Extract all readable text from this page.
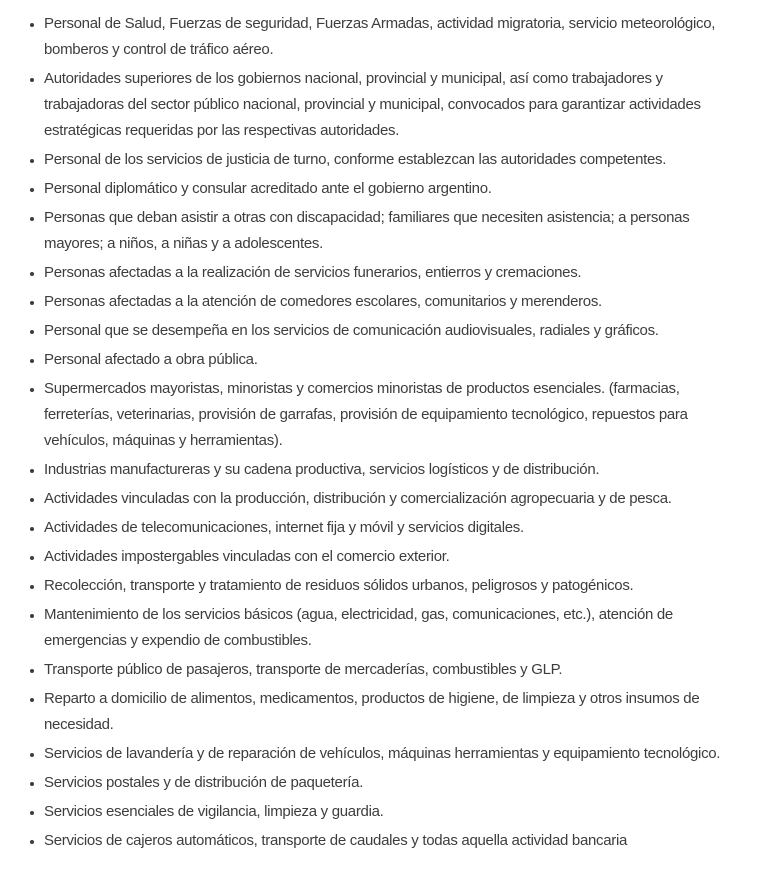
• Personal de Salud, Fuerzas de seguridad, Fuerzas Armadas, actividad migratoria, servicio meteorológico, bomberos y control de tráfico aéreo.
• Autoridades superiores de los gobiernos nacional, provincial y municipal, así como trabajadores y trabajadoras del sector público nacional, provincial y municipal, convocados para garantizar actividades estratégicas requeridas por las respectivas autoridades.
• Personal de los servicios de justicia de turno, conforme establezcan las autoridades competentes.
• Personal diplomático y consular acreditado ante el gobierno argentino.
• Personas que deban asistir a otras con discapacidad; familiares que necesiten asistencia; a personas mayores; a niños, a niñas y a adolescentes.
• Personas afectadas a la realización de servicios funerarios, entierros y cremaciones.
• Personas afectadas a la atención de comedores escolares, comunitarios y merenderos.
• Personal que se desempeña en los servicios de comunicación audiovisuales, radiales y gráficos.
• Personal afectado a obra pública.
• Supermercados mayoristas, minoristas y comercios minoristas de productos esenciales. (farmacias, ferreterías, veterinarias, provisión de garrafas, provisión de equipamiento tecnológico, repuestos para vehículos, máquinas y herramientas).
• Industrias manufactureras y su cadena productiva, servicios logísticos y de distribución.
• Actividades vinculadas con la producción, distribución y comercialización agropecuaria y de pesca.
• Actividades de telecomunicaciones, internet fija y móvil y servicios digitales.
• Actividades impostergables vinculadas con el comercio exterior.
• Recolección, transporte y tratamiento de residuos sólidos urbanos, peligrosos y patogénicos.
• Mantenimiento de los servicios básicos (agua, electricidad, gas, comunicaciones, etc.), atención de emergencias y expendio de combustibles.
• Transporte público de pasajeros, transporte de mercaderías, combustibles y GLP.
• Reparto a domicilio de alimentos, medicamentos, productos de higiene, de limpieza y otros insumos de necesidad.
• Servicios de lavandería y de reparación de vehículos, máquinas herramientas y equipamiento tecnológico.
• Servicios postales y de distribución de paquetería.
• Servicios esenciales de vigilancia, limpieza y guardia.
• Servicios de cajeros automáticos, transporte de caudales y todas aquella actividad bancaria
